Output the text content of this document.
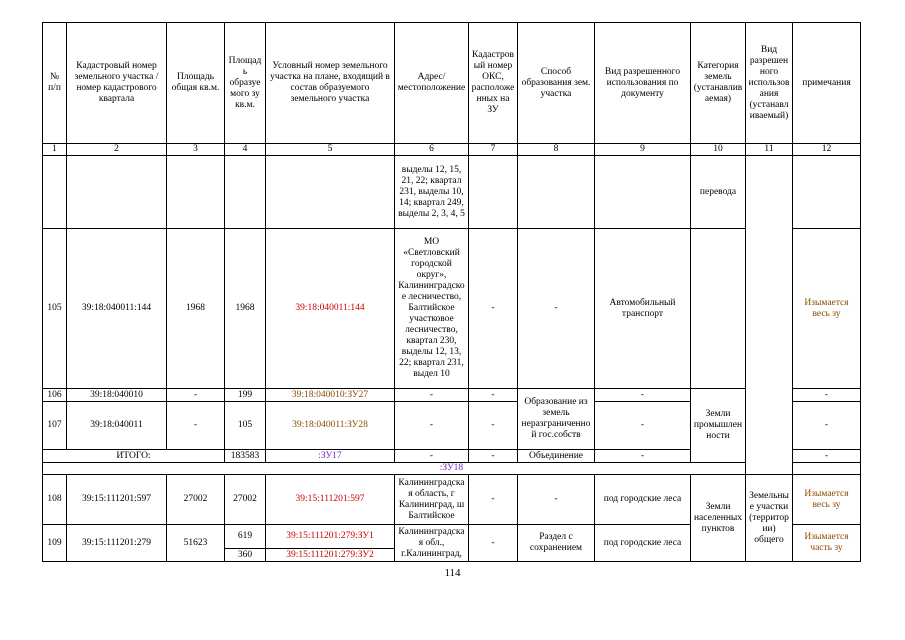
№ п/п	Кадастровый номер земельного участка /номер кадастрового квартала	Площадь общая кв.м.	Площадь образуемого зу кв.м.	Условный номер земельного участка на плане, входящий в состав образуемого земельного участка	Адрес/ местоположение	Кадастровый номер ОКС, расположенных на ЗУ	Способ образования зем. участка	Вид разрешенного использования по документу	Категория земель (устанавливаемая)	Вид разрешенного использования (устанавливаемый)	примечания
1	2	3	4	5	6	7	8	9	10	11	12
					выделы 12, 15, 21, 22; квартал 231, выделы 10, 14; квартал 249, выделы 2, 3, 4, 5				перевода		
105	39:18:040011:144	1968	1968	39:18:040011:144	МО «Светловский городской округ», Калининградское лесничество, Балтийское участковое лесничество, квартал 230, выделы 12, 13, 22; квартал 231, выдел 10	-	-	Автомобильный транспорт			Изымается весь зу
106	39:18:040010	-	199	39:18:040010:ЗУ27	-	-	Образование из земель неразграниченной гос.собств	-	Земли промышленности		-
107	39:18:040011	-	105	39:18:040011:ЗУ28	-	-		-			-
ИТОГО:			183583	:ЗУ17	-	-	Объединение	-			-
:ЗУ18											
108	39:15:111201:597	27002	27002	39:15:111201:597	Калининградская область, г Калининград, ш Балтийское	-	-	под городские леса	Земли населенных пунктов	Земельные участки (территории) общего	Изымается весь зу
109	39:15:111201:279	51623	619	39:15:111201:279:ЗУ1	Калининградская обл., г.Калининград,	-	Раздел с сохранением	под городские леса			Изымается часть зу
			360	39:15:111201:279:ЗУ2							
114
